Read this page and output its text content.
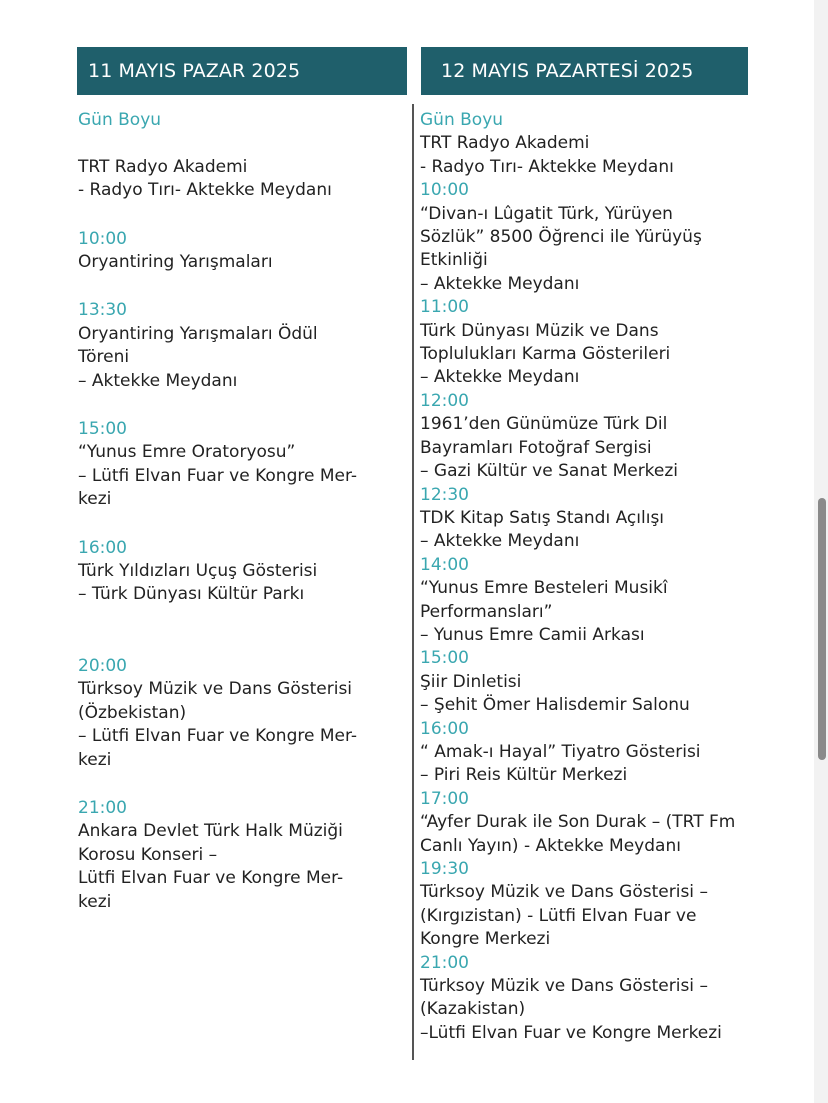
11 MAYIS PAZAR 2025	12 MAYIS PAZARTESİ 2025
Gün Boyu
TRT Radyo Akademi
- Radyo Tırı- Aktekke Meydanı
10:00
Oryantiring Yarışmaları
13:30
Oryantiring Yarışmaları Ödül
Töreni
– Aktekke Meydanı
15:00
“Yunus Emre Oratoryosu”
– Lütfi Elvan Fuar ve Kongre Mer-
kezi
16:00
Türk Yıldızları Uçuş Gösterisi
– Türk Dünyası Kültür Parkı
20:00
Türksoy Müzik ve Dans Gösterisi
(Özbekistan)
– Lütfi Elvan Fuar ve Kongre Mer-
kezi
21:00
Ankara Devlet Türk Halk Müziği
Korosu Konseri –
Lütfi Elvan Fuar ve Kongre Mer-
kezi
Gün Boyu
TRT Radyo Akademi
- Radyo Tırı- Aktekke Meydanı
10:00
“Divan-ı Lûgatit Türk, Yürüyen
Sözlük” 8500 Öğrenci ile Yürüyüş
Etkinliği
– Aktekke Meydanı
11:00
Türk Dünyası Müzik ve Dans
Toplulukları Karma Gösterileri
– Aktekke Meydanı
12:00
1961’den Günümüze Türk Dil
Bayramları Fotoğraf Sergisi
– Gazi Kültür ve Sanat Merkezi
12:30
TDK Kitap Satış Standı Açılışı
– Aktekke Meydanı
14:00
“Yunus Emre Besteleri Musikî
Performansları”
– Yunus Emre Camii Arkası
15:00
Şiir Dinletisi
– Şehit Ömer Halisdemir Salonu
16:00
“ Amak-ı Hayal” Tiyatro Gösterisi
– Piri Reis Kültür Merkezi
17:00
“Ayfer Durak ile Son Durak – (TRT Fm
Canlı Yayın) - Aktekke Meydanı
19:30
Türksoy Müzik ve Dans Gösterisi –
(Kırgızistan) - Lütfi Elvan Fuar ve
Kongre Merkezi
21:00
Türksoy Müzik ve Dans Gösterisi –
(Kazakistan)
–Lütfi Elvan Fuar ve Kongre Merkezi
